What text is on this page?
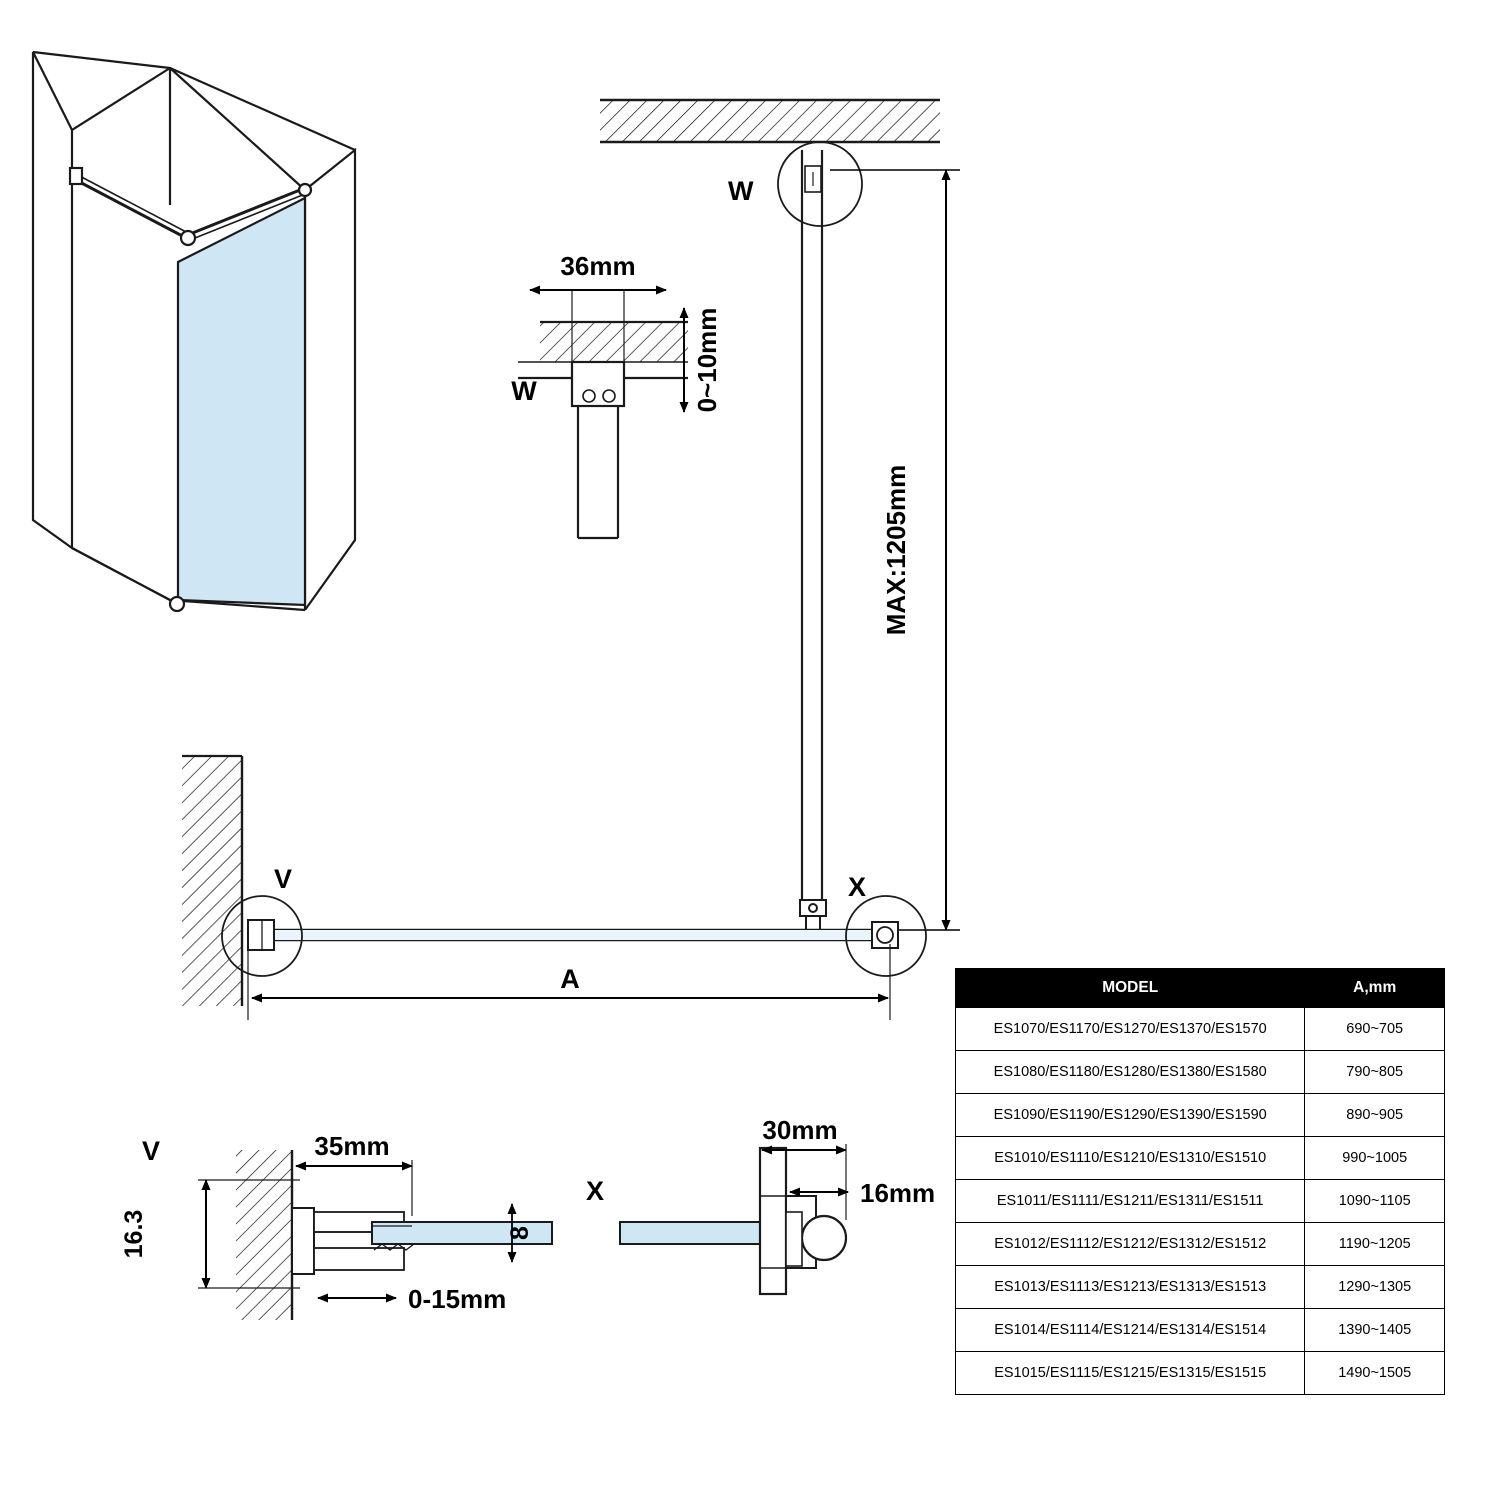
W
MAX:1205mm
36mm
0~10mm
W
V	X
A
V
16.3
35mm
0-15mm
8
X
30mm
16mm
MODEL	A,mm
ES1070/ES1170/ES1270/ES1370/ES1570	690~705
ES1080/ES1180/ES1280/ES1380/ES1580	790~805
ES1090/ES1190/ES1290/ES1390/ES1590	890~905
ES1010/ES1110/ES1210/ES1310/ES1510	990~1005
ES1011/ES1111/ES1211/ES1311/ES1511	1090~1105
ES1012/ES1112/ES1212/ES1312/ES1512	1190~1205
ES1013/ES1113/ES1213/ES1313/ES1513	1290~1305
ES1014/ES1114/ES1214/ES1314/ES1514	1390~1405
ES1015/ES1115/ES1215/ES1315/ES1515	1490~1505
